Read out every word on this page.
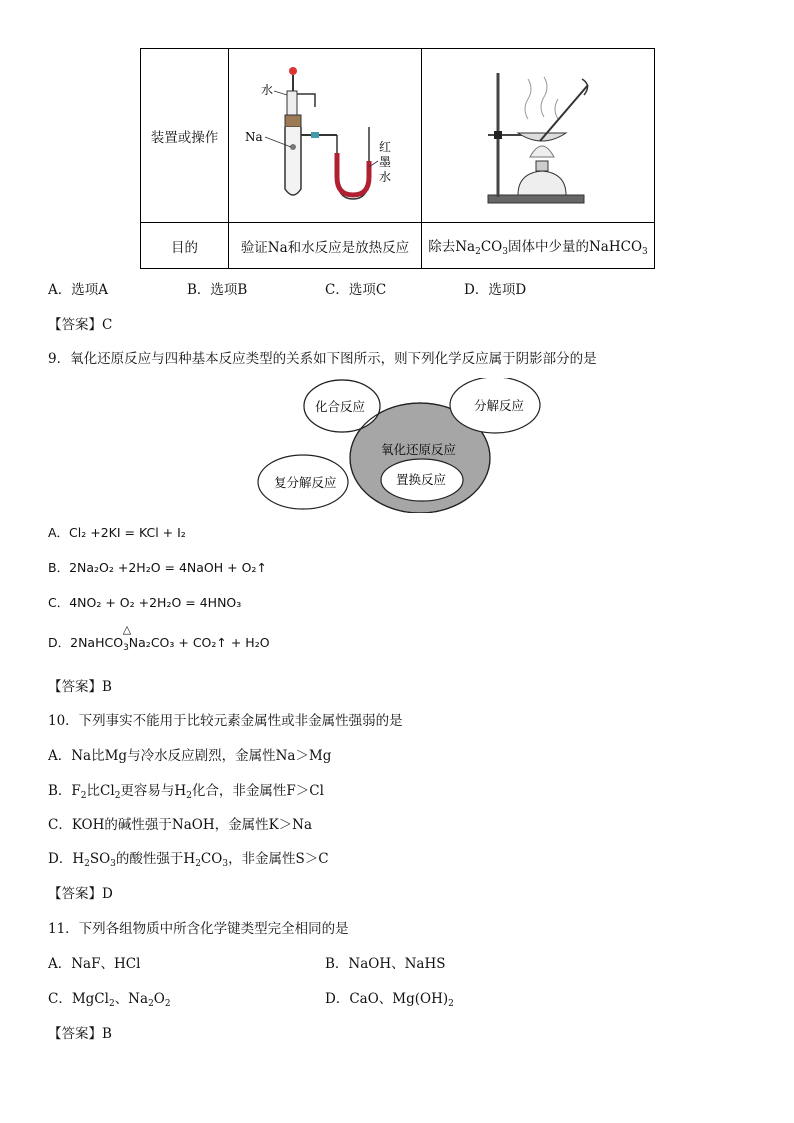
装置或操作	水
Na
红
墨
水

目的	验证Na和水反应是放热反应	除去$Na_2CO_3$固体中少量的NaHCO$_3$
A．选项A	B．选项B	C．选项C	D．选项D
【答案】C
9．氧化还原反应与四种基本反应类型的关系如下图所示，则下列化学反应属于阴影部分的是
化合反应	分解反应
氧化还原反应
复分解反应	置换反应
A．Cl₂ +2KI = KCl + I₂
B．2Na₂O₂ +2H₂O = 4NaOH + O₂↑
C．4NO₂ + O₂ +2H₂O = 4HNO₃
D．2NaHCO$_3$
△
Na₂CO₃ + CO₂↑ + H₂O
【答案】B
10．下列事实不能用于比较元素金属性或非金属性强弱的是
A．Na比Mg与冷水反应剧烈，金属性Na＞Mg
B．$F_2$比$Cl_2$更容易与$H_2$化合，非金属性F＞Cl
C．KOH的碱性强于NaOH，金属性K＞Na
D．$H_2SO_3$的酸性强于$H_2CO_3$，非金属性S＞C
【答案】D
11．下列各组物质中所含化学键类型完全相同的是
A．NaF、HCl	B．NaOH、NaHS
C．MgCl$_2$、$Na_2O_2$	D．CaO、$Mg(OH)_2$
【答案】B
